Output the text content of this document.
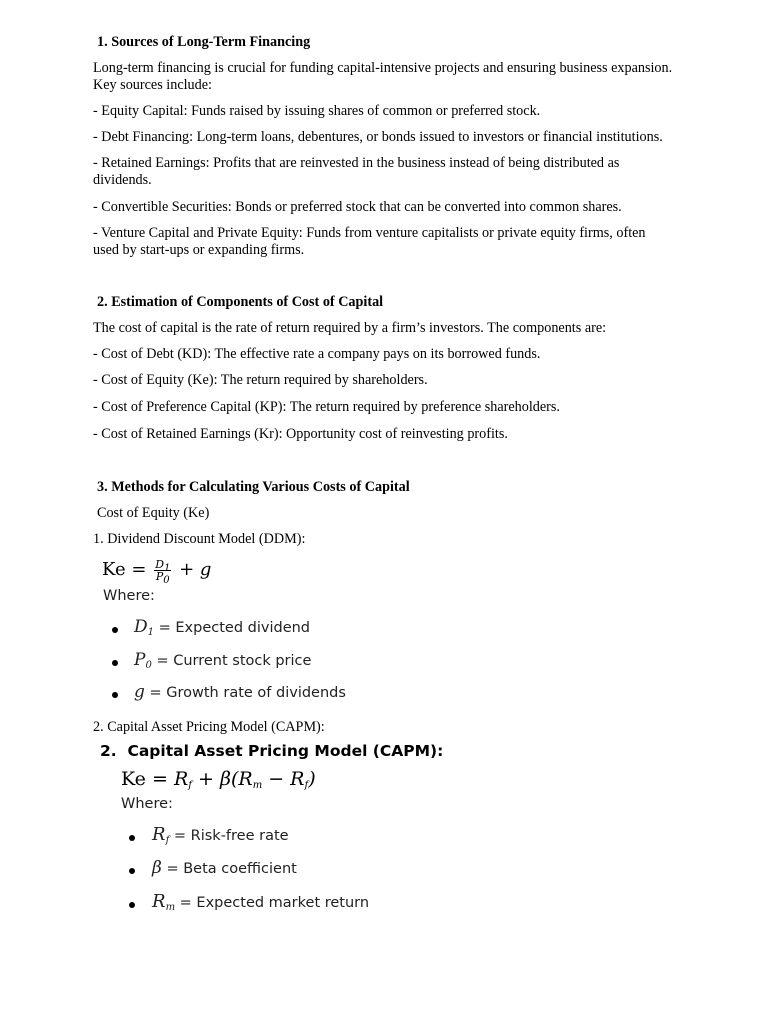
1. Sources of Long-Term Financing
Long-term financing is crucial for funding capital-intensive projects and ensuring business expansion. Key sources include:
- Equity Capital: Funds raised by issuing shares of common or preferred stock.
- Debt Financing: Long-term loans, debentures, or bonds issued to investors or financial institutions.
- Retained Earnings: Profits that are reinvested in the business instead of being distributed as dividends.
- Convertible Securities: Bonds or preferred stock that can be converted into common shares.
- Venture Capital and Private Equity: Funds from venture capitalists or private equity firms, often used by start-ups or expanding firms.
2. Estimation of Components of Cost of Capital
The cost of capital is the rate of return required by a firm’s investors. The components are:
- Cost of Debt (KD): The effective rate a company pays on its borrowed funds.
- Cost of Equity (Ke): The return required by shareholders.
- Cost of Preference Capital (KP): The return required by preference shareholders.
- Cost of Retained Earnings (Kr): Opportunity cost of reinvesting profits.
3. Methods for Calculating Various Costs of Capital
Cost of Equity (Ke)
1. Dividend Discount Model (DDM):
$Ke = \frac{D_1}{P_0} + g$
Where:
$D_1$ = Expected dividend
$P_0$ = Current stock price
g = Growth rate of dividends
2. Capital Asset Pricing Model (CAPM):
2.  Capital Asset Pricing Model (CAPM):
$Ke = R_f + \beta(R_m - R_f)$
Where:
$R_f$ = Risk-free rate
β = Beta coefficient
$R_m$ = Expected market return
